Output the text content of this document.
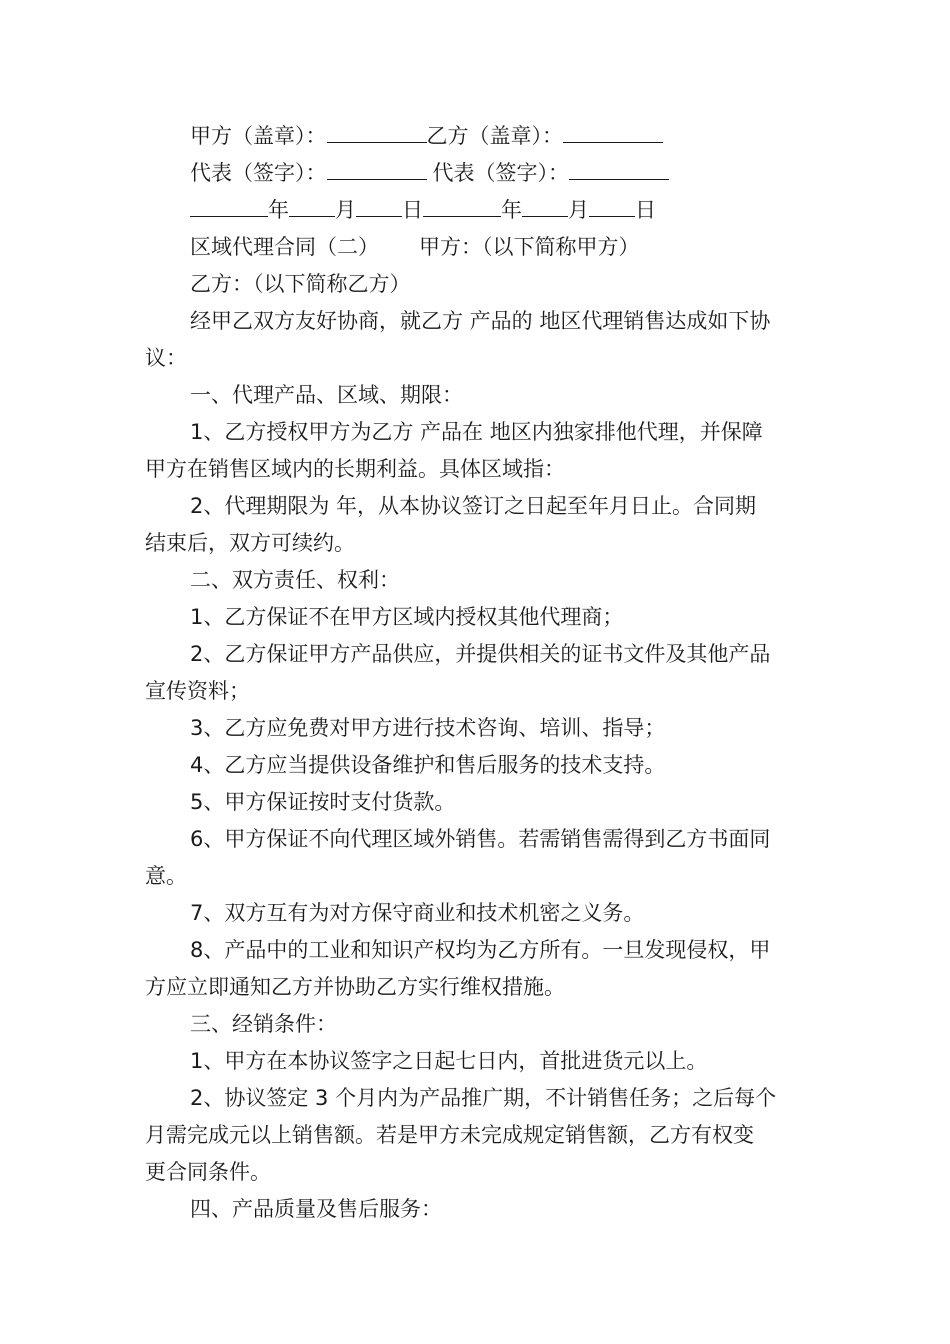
甲方（盖章）：	乙方（盖章）：
代表（签字）：	代表（签字）：
年 月 日	年 月 日
区域代理合同（二） 甲方：（以下简称甲方）
乙方：（以下简称乙方）
经甲乙双方友好协商，就乙方 产品的 地区代理销售达成如下协
议：
一、代理产品、区域、期限：
1、乙方授权甲方为乙方 产品在 地区内独家排他代理，并保障
甲方在销售区域内的长期利益。具体区域指：
2、代理期限为 年，从本协议签订之日起至年月日止。合同期
结束后，双方可续约。
二、双方责任、权利：
1、乙方保证不在甲方区域内授权其他代理商；
2、乙方保证甲方产品供应，并提供相关的证书文件及其他产品
宣传资料；
3、乙方应免费对甲方进行技术咨询、培训、指导；
4、乙方应当提供设备维护和售后服务的技术支持。
5、甲方保证按时支付货款。
6、甲方保证不向代理区域外销售。若需销售需得到乙方书面同
意。
7、双方互有为对方保守商业和技术机密之义务。
8、产品中的工业和知识产权均为乙方所有。一旦发现侵权，甲
方应立即通知乙方并协助乙方实行维权措施。
三、经销条件：
1、甲方在本协议签字之日起七日内，首批进货元以上。
2、协议签定 3 个月内为产品推广期，不计销售任务；之后每个
月需完成元以上销售额。若是甲方未完成规定销售额，乙方有权变
更合同条件。
四、产品质量及售后服务：
